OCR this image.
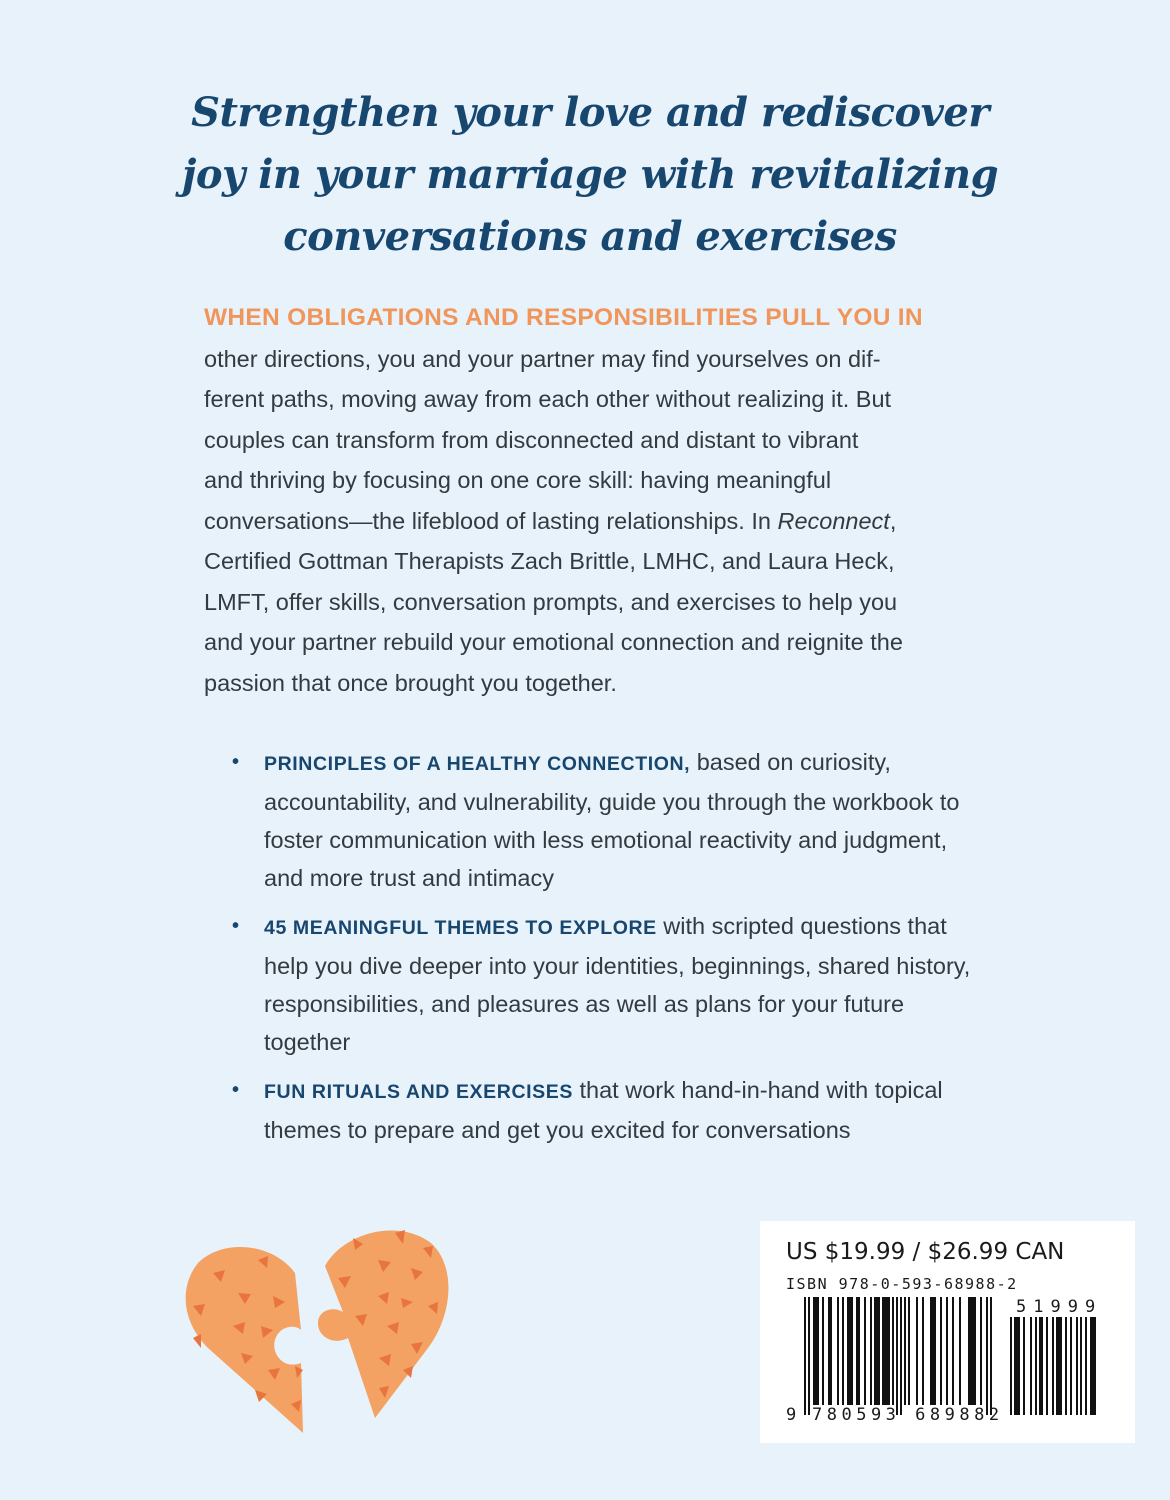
Strengthen your love and rediscover
joy in your marriage with revitalizing
conversations and exercises
WHEN OBLIGATIONS AND RESPONSIBILITIES PULL YOU IN
other directions, you and your partner may find yourselves on dif-
ferent paths, moving away from each other without realizing it. But
couples can transform from disconnected and distant to vibrant
and thriving by focusing on one core skill: having meaningful
conversations—the lifeblood of lasting relationships. In Reconnect,
Certified Gottman Therapists Zach Brittle, LMHC, and Laura Heck,
LMFT, offer skills, conversation prompts, and exercises to help you
and your partner rebuild your emotional connection and reignite the
passion that once brought you together.
• PRINCIPLES OF A HEALTHY CONNECTION, based on curiosity, accountability, and vulnerability, guide you through the workbook to foster communication with less emotional reactivity and judgment, and more trust and intimacy
• 45 MEANINGFUL THEMES TO EXPLORE with scripted questions that help you dive deeper into your identities, beginnings, shared history, responsibilities, and pleasures as well as plans for your future together
• FUN RITUALS AND EXERCISES that work hand-in-hand with topical themes to prepare and get you excited for conversations
US $19.99 / $26.99 CAN
ISBN 978-0-593-68988-2
9 780593 689882
51999
